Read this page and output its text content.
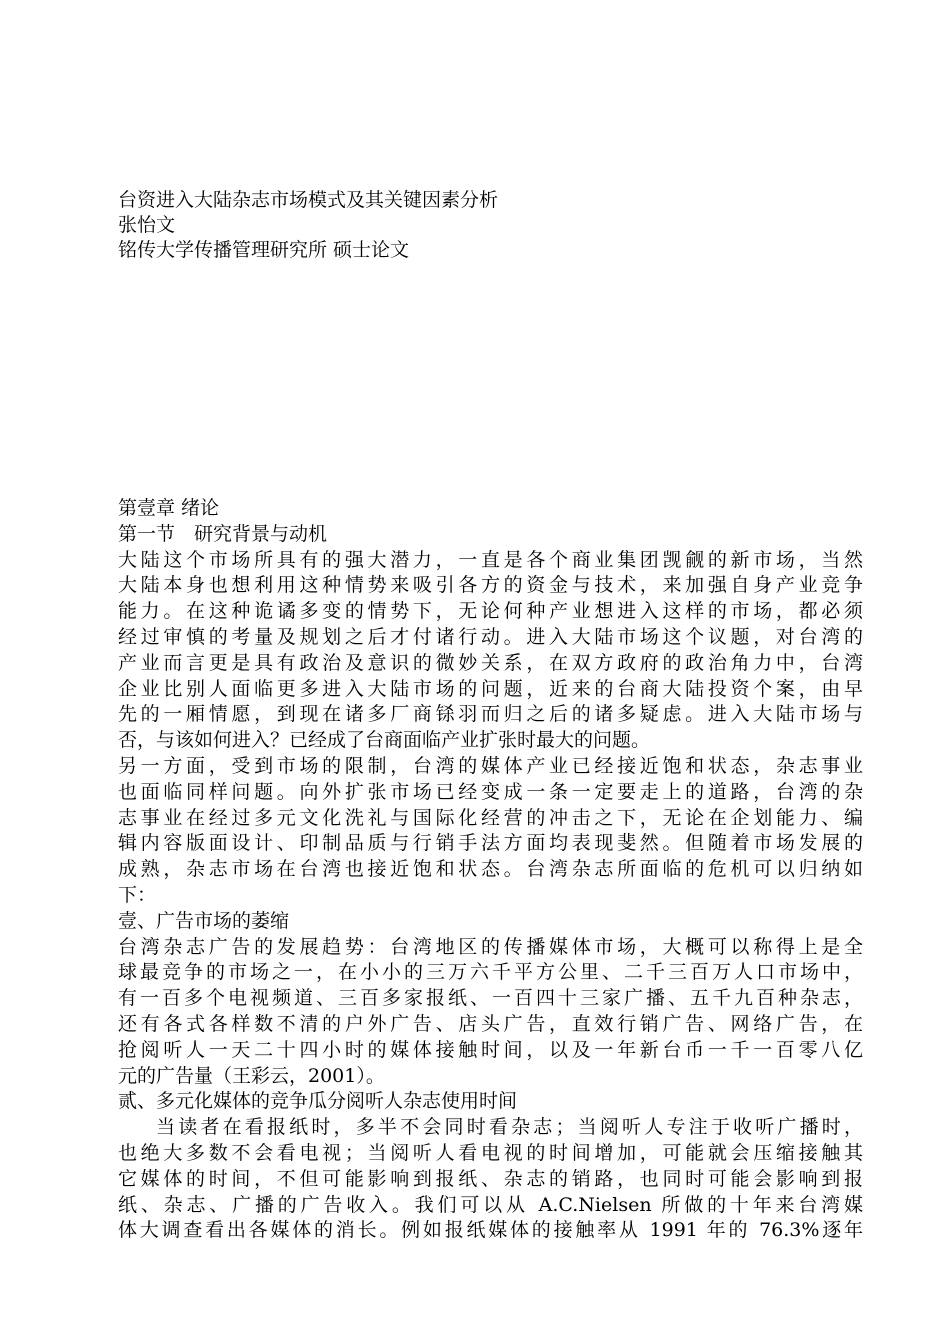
台资进入大陆杂志市场模式及其关键因素分析
张怡文
铭传大学传播管理研究所 硕士论文
第壹章 绪论
第一节　研究背景与动机
大陆这个市场所具有的强大潜力，一直是各个商业集团觊觎的新市场，当然
大陆本身也想利用这种情势来吸引各方的资金与技术，来加强自身产业竞争
能力。在这种诡谲多变的情势下，无论何种产业想进入这样的市场，都必须
经过审慎的考量及规划之后才付诸行动。进入大陆市场这个议题，对台湾的
产业而言更是具有政治及意识的微妙关系，在双方政府的政治角力中，台湾
企业比别人面临更多进入大陆市场的问题，近来的台商大陆投资个案，由早
先的一厢情愿，到现在诸多厂商铩羽而归之后的诸多疑虑。进入大陆市场与
否，与该如何进入？已经成了台商面临产业扩张时最大的问题。
另一方面，受到市场的限制，台湾的媒体产业已经接近饱和状态，杂志事业
也面临同样问题。向外扩张市场已经变成一条一定要走上的道路，台湾的杂
志事业在经过多元文化洗礼与国际化经营的冲击之下，无论在企划能力、编
辑内容版面设计、印制品质与行销手法方面均表现斐然。但随着市场发展的
成熟，杂志市场在台湾也接近饱和状态。台湾杂志所面临的危机可以归纳如
下：
壹、广告市场的萎缩
台湾杂志广告的发展趋势：台湾地区的传播媒体市场，大概可以称得上是全
球最竞争的市场之一，在小小的三万六千平方公里、二千三百万人口市场中，
有一百多个电视频道、三百多家报纸、一百四十三家广播、五千九百种杂志，
还有各式各样数不清的户外广告、店头广告，直效行销广告、网络广告，在
抢阅听人一天二十四小时的媒体接触时间，以及一年新台币一千一百零八亿
元的广告量（王彩云，2001）。
贰、多元化媒体的竞争瓜分阅听人杂志使用时间
当读者在看报纸时，多半不会同时看杂志；当阅听人专注于收听广播时，
也绝大多数不会看电视；当阅听人看电视的时间增加，可能就会压缩接触其
它媒体的时间，不但可能影响到报纸、杂志的销路，也同时可能会影响到报
纸、杂志、广播的广告收入。我们可以从 A.C.Nielsen 所做的十年来台湾媒
体大调查看出各媒体的消长。例如报纸媒体的接触率从 1991 年的 76.3%逐年
